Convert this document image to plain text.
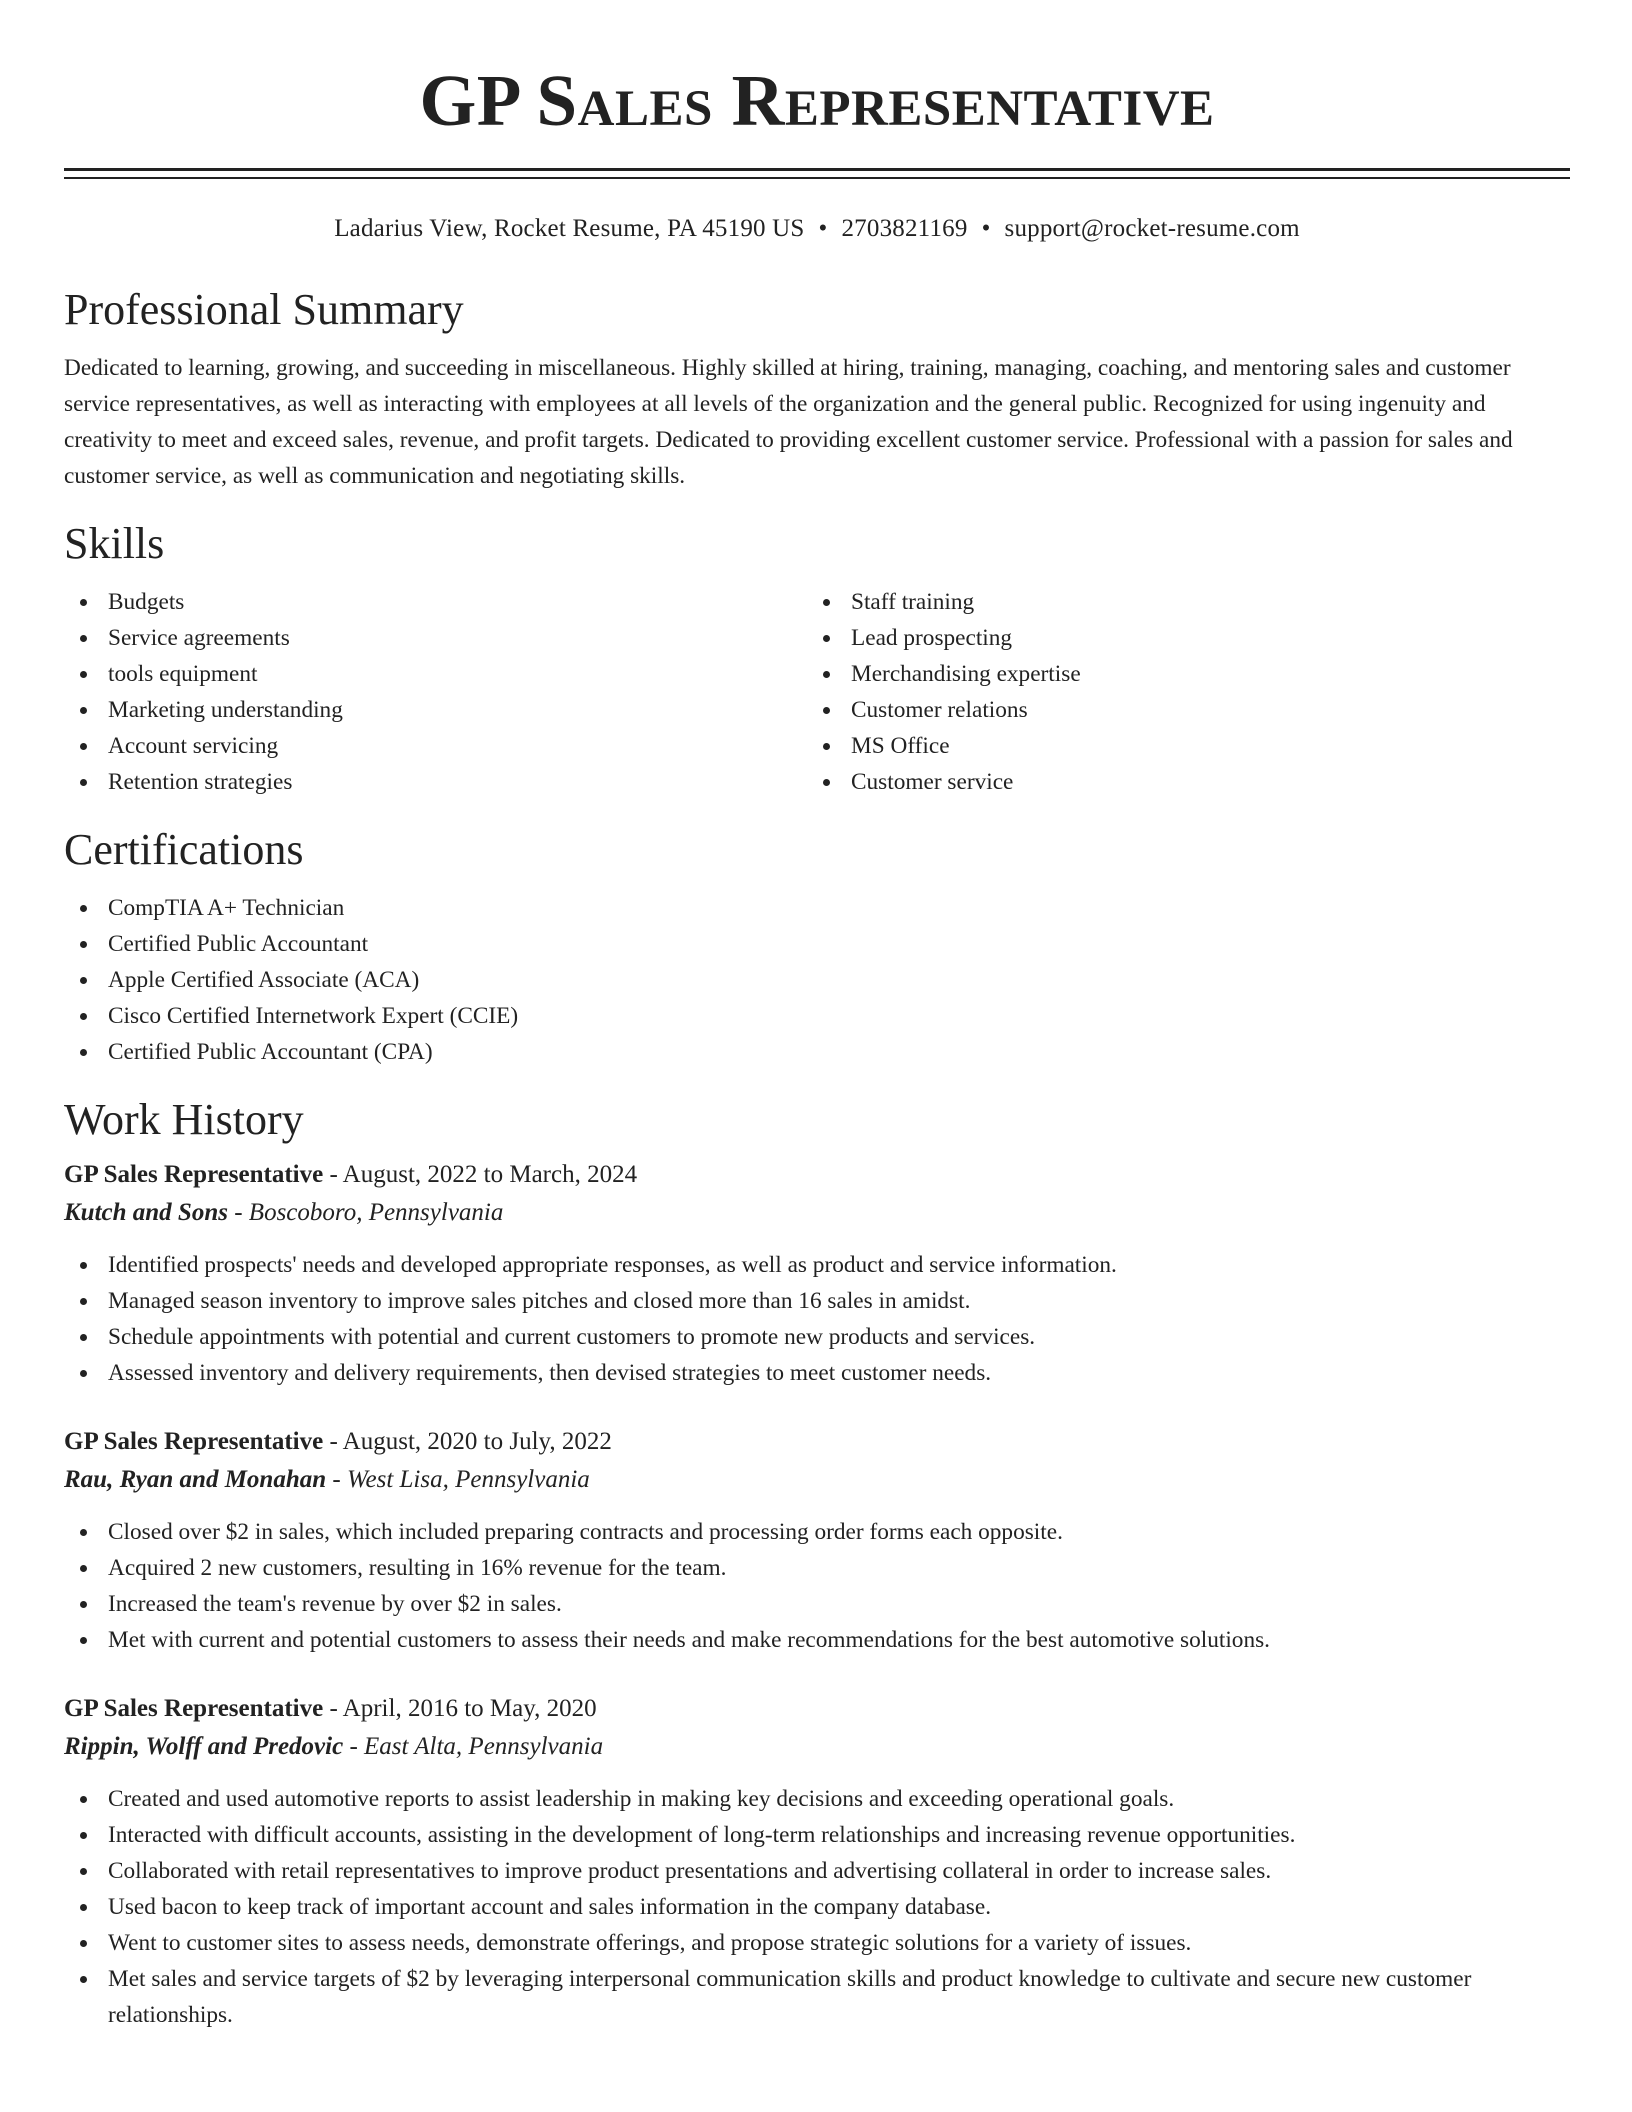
GP Sales Representative
Ladarius View, Rocket Resume, PA 45190 US • 2703821169 • support@rocket-resume.com
Professional Summary

Dedicated to learning, growing, and succeeding in miscellaneous. Highly skilled at hiring, training, managing, coaching, and mentoring sales and customer service representatives, as well as interacting with employees at all levels of the organization and the general public. Recognized for using ingenuity and creativity to meet and exceed sales, revenue, and profit targets. Dedicated to providing excellent customer service. Professional with a passion for sales and customer service, as well as communication and negotiating skills.

Skills
Budgets
Service agreements
tools equipment
Marketing understanding
Account servicing
Retention strategies
Staff training
Lead prospecting
Merchandising expertise
Customer relations
MS Office
Customer service
Certifications
CompTIA A+ Technician
Certified Public Accountant
Apple Certified Associate (ACA)
Cisco Certified Internetwork Expert (CCIE)
Certified Public Accountant (CPA)
Work History
GP Sales Representative - August, 2022 to March, 2024
Kutch and Sons - Boscoboro, Pennsylvania
Identified prospects' needs and developed appropriate responses, as well as product and service information.
Managed season inventory to improve sales pitches and closed more than 16 sales in amidst.
Schedule appointments with potential and current customers to promote new products and services.
Assessed inventory and delivery requirements, then devised strategies to meet customer needs.
GP Sales Representative - August, 2020 to July, 2022
Rau, Ryan and Monahan - West Lisa, Pennsylvania
Closed over $2 in sales, which included preparing contracts and processing order forms each opposite.
Acquired 2 new customers, resulting in 16% revenue for the team.
Increased the team's revenue by over $2 in sales.
Met with current and potential customers to assess their needs and make recommendations for the best automotive solutions.
GP Sales Representative - April, 2016 to May, 2020
Rippin, Wolff and Predovic - East Alta, Pennsylvania
Created and used automotive reports to assist leadership in making key decisions and exceeding operational goals.
Interacted with difficult accounts, assisting in the development of long-term relationships and increasing revenue opportunities.
Collaborated with retail representatives to improve product presentations and advertising collateral in order to increase sales.
Used bacon to keep track of important account and sales information in the company database.
Went to customer sites to assess needs, demonstrate offerings, and propose strategic solutions for a variety of issues.
Met sales and service targets of $2 by leveraging interpersonal communication skills and product knowledge to cultivate and secure new customer relationships.
